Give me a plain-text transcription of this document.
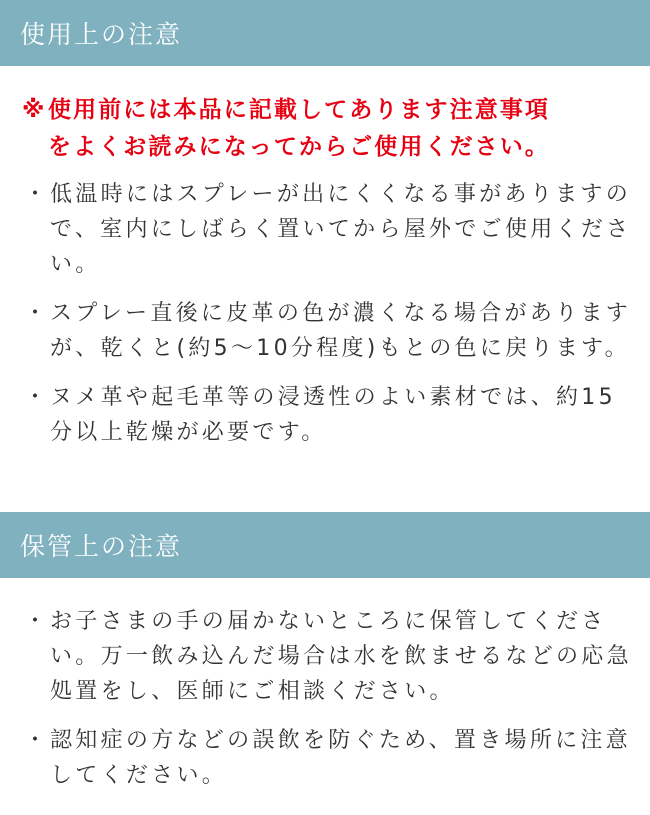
使用上の注意

※使用前には本品に記載してあります注意事項
をよくお読みになってからご使用ください。

・ 低温時にはスプレーが出にくくなる事がありますので、室内にしばらく置いてから屋外でご使用ください。
・ スプレー直後に皮革の色が濃くなる場合がありますが、乾くと(約5〜10分程度)もとの色に戻ります。
・ ヌメ革や起毛革等の浸透性のよい素材では、約15分以上乾燥が必要です。
保管上の注意
・ お子さまの手の届かないところに保管してください。万一飲み込んだ場合は水を飲ませるなどの応急処置をし、医師にご相談ください。
・ 認知症の方などの誤飲を防ぐため、置き場所に注意してください。
